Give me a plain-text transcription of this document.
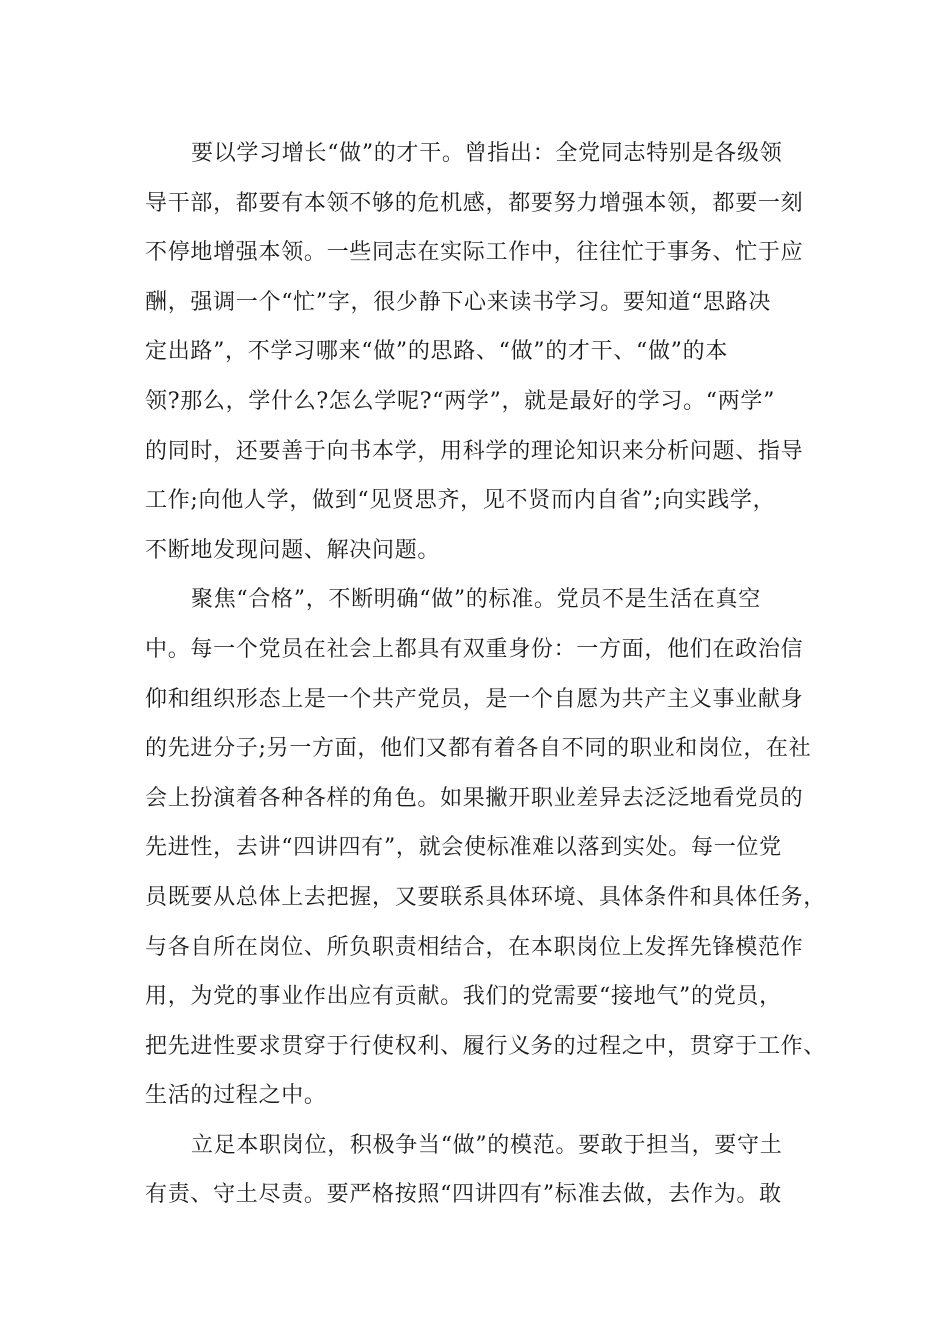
要以学习增长“做”的才干。曾指出：全党同志特别是各级领
导干部，都要有本领不够的危机感，都要努力增强本领，都要一刻
不停地增强本领。一些同志在实际工作中，往往忙于事务、忙于应
酬，强调一个“忙”字，很少静下心来读书学习。要知道“思路决
定出路”，不学习哪来“做”的思路、“做”的才干、“做”的本
领?那么，学什么?怎么学呢?“两学”，就是最好的学习。“两学”
的同时，还要善于向书本学，用科学的理论知识来分析问题、指导
工作;向他人学，做到“见贤思齐，见不贤而内自省”;向实践学，
不断地发现问题、解决问题。
聚焦“合格”，不断明确“做”的标准。党员不是生活在真空
中。每一个党员在社会上都具有双重身份：一方面，他们在政治信
仰和组织形态上是一个共产党员，是一个自愿为共产主义事业献身
的先进分子;另一方面，他们又都有着各自不同的职业和岗位，在社
会上扮演着各种各样的角色。如果撇开职业差异去泛泛地看党员的
先进性，去讲“四讲四有”，就会使标准难以落到实处。每一位党
员既要从总体上去把握，又要联系具体环境、具体条件和具体任务，
与各自所在岗位、所负职责相结合，在本职岗位上发挥先锋模范作
用，为党的事业作出应有贡献。我们的党需要“接地气”的党员，
把先进性要求贯穿于行使权利、履行义务的过程之中，贯穿于工作、
生活的过程之中。
立足本职岗位，积极争当“做”的模范。要敢于担当，要守土
有责、守土尽责。要严格按照“四讲四有”标准去做，去作为。敢
